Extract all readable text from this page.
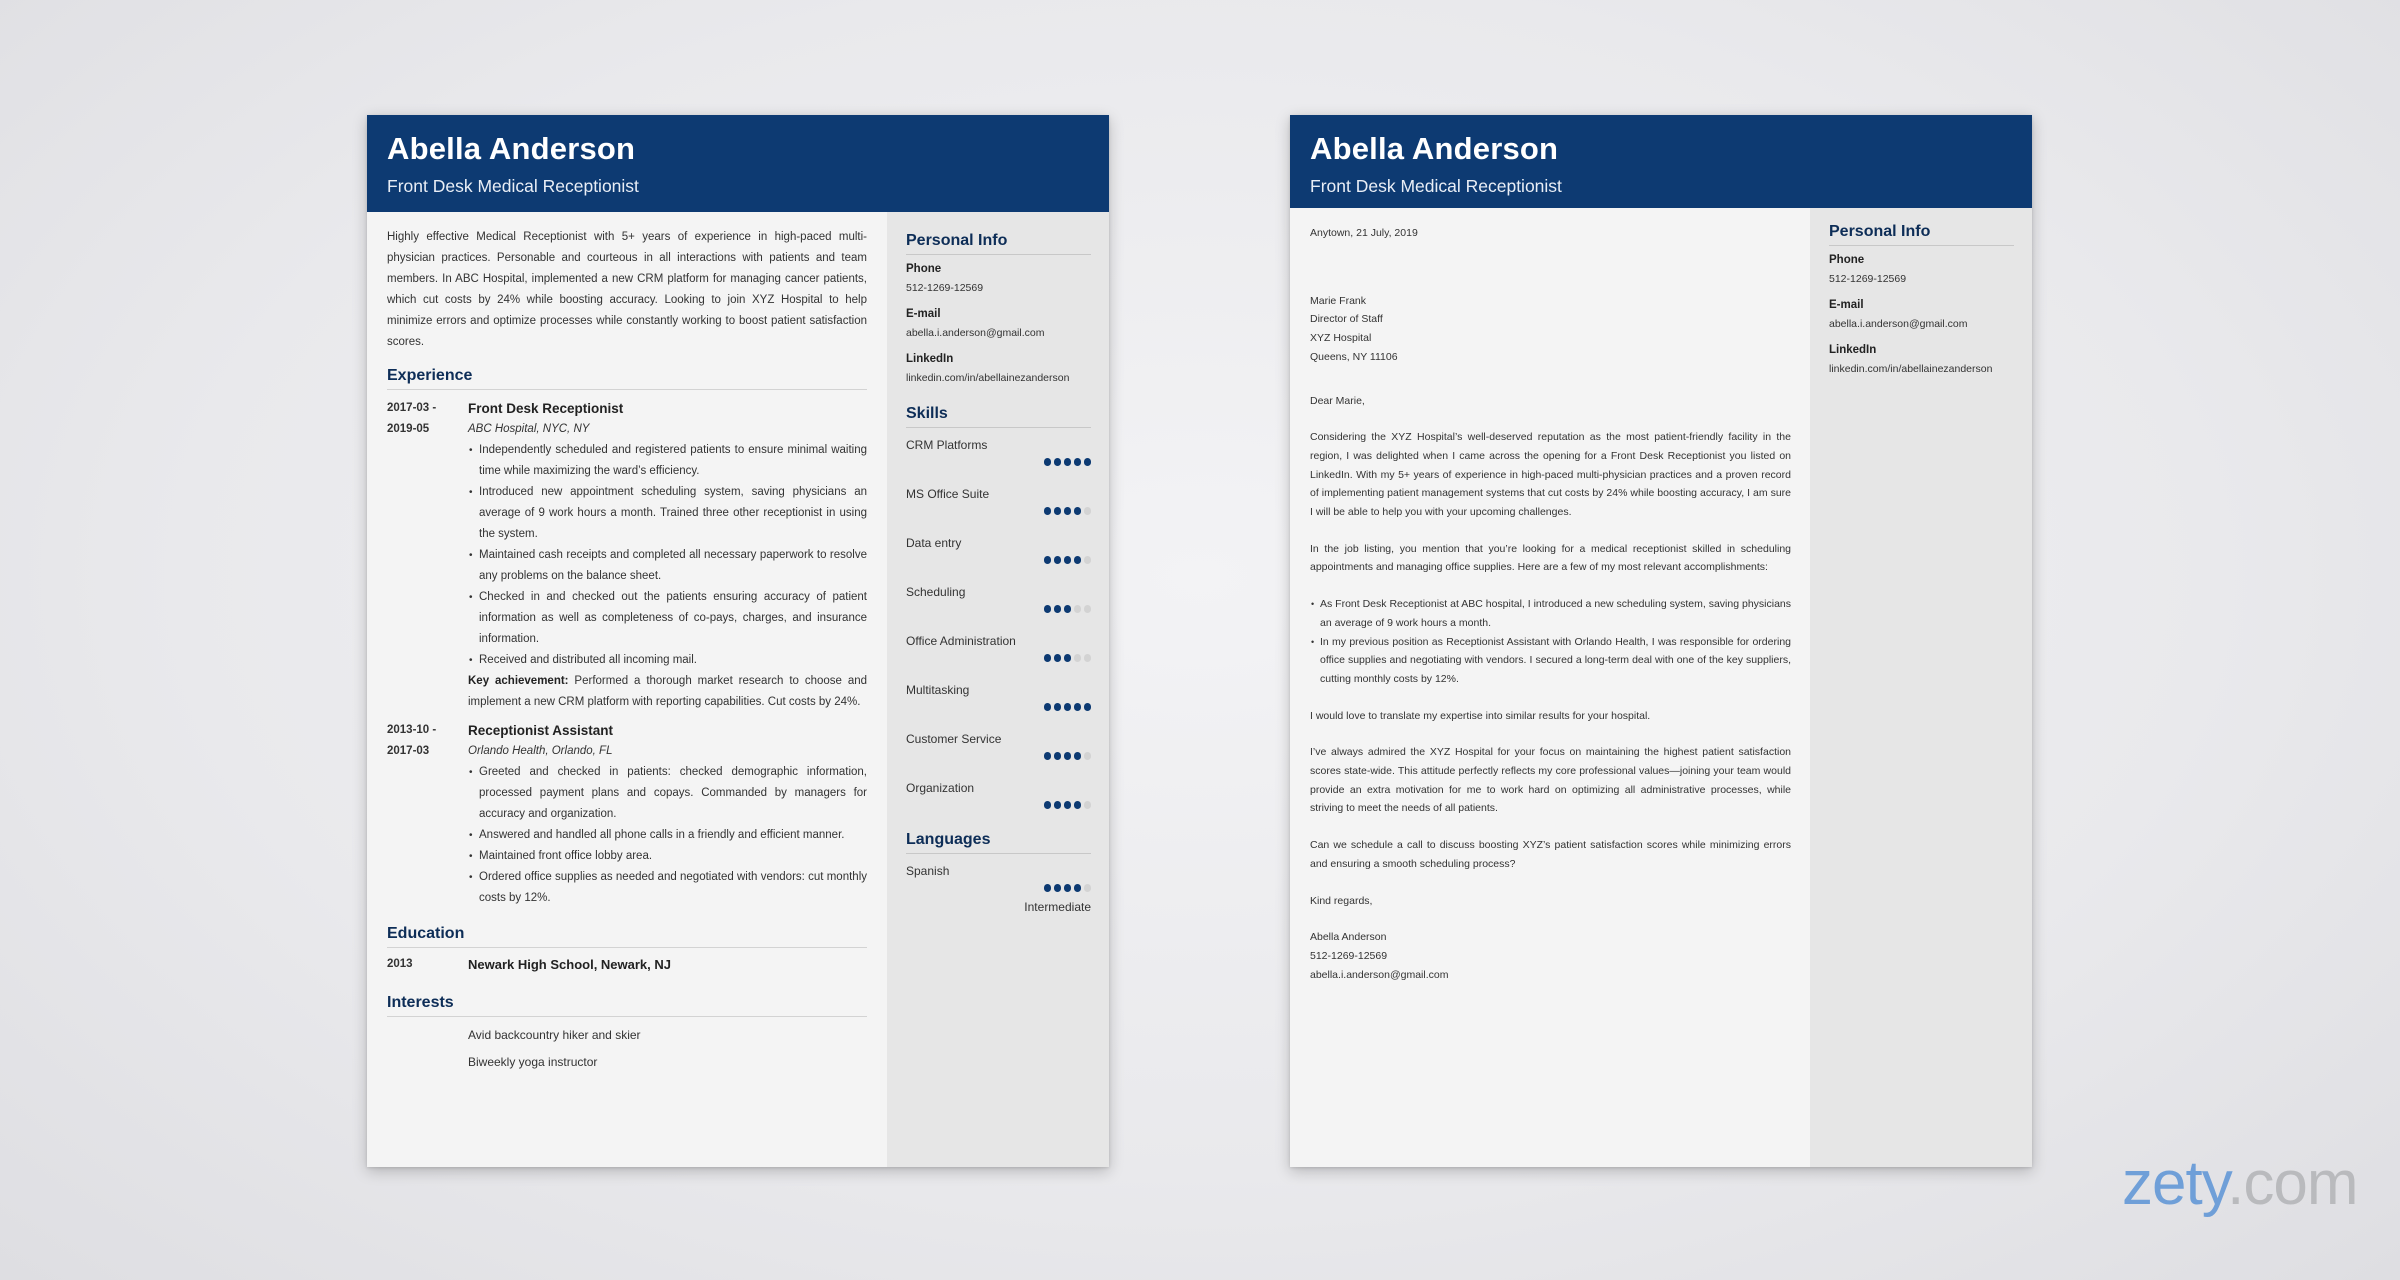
Abella Anderson
Front Desk Medical Receptionist

Highly effective Medical Receptionist with 5+ years of experience in high-paced multi-physician practices. Personable and courteous in all interactions with patients and team members. In ABC Hospital, implemented a new CRM platform for managing cancer patients, which cut costs by 24% while boosting accuracy. Looking to join XYZ Hospital to help minimize errors and optimize processes while constantly working to boost patient satisfaction scores.

Experience
2017-03 -
2019-05
Front Desk Receptionist
ABC Hospital, NYC, NY
• Independently scheduled and registered patients to ensure minimal waiting time while maximizing the ward’s efficiency.
• Introduced new appointment scheduling system, saving physicians an average of 9 work hours a month. Trained three other receptionist in using the system.
• Maintained cash receipts and completed all necessary paperwork to resolve any problems on the balance sheet.
• Checked in and checked out the patients ensuring accuracy of patient information as well as completeness of co-pays, charges, and insurance information.
• Received and distributed all incoming mail.

Key achievement: Performed a thorough market research to choose and implement a new CRM platform with reporting capabilities. Cut costs by 24%.

2013-10 -
2017-03
Receptionist Assistant
Orlando Health, Orlando, FL
• Greeted and checked in patients: checked demographic information, processed payment plans and copays. Commanded by managers for accuracy and organization.
• Answered and handled all phone calls in a friendly and efficient manner.
• Maintained front office lobby area.
• Ordered office supplies as needed and negotiated with vendors: cut monthly costs by 12%.
Education
2013	Newark High School, Newark, NJ
Interests
Avid backcountry hiker and skier
Biweekly yoga instructor
Personal Info
Phone
512-1269-12569
E-mail
abella.i.anderson@gmail.com
LinkedIn
linkedin.com/in/abellainezanderson
Skills
CRM Platforms
MS Office Suite
Data entry
Scheduling
Office Administration
Multitasking
Customer Service
Organization
Languages
Spanish
Intermediate
Abella Anderson
Front Desk Medical Receptionist
Anytown, 21 July, 2019
Marie Frank
Director of Staff
XYZ Hospital
Queens, NY 11106
Dear Marie,

Considering the XYZ Hospital’s well-deserved reputation as the most patient-friendly facility in the region, I was delighted when I came across the opening for a Front Desk Receptionist you listed on LinkedIn. With my 5+ years of experience in high-paced multi-physician practices and a proven record of implementing patient management systems that cut costs by 24% while boosting accuracy, I am sure I will be able to help you with your upcoming challenges.

In the job listing, you mention that you’re looking for a medical receptionist skilled in scheduling appointments and managing office supplies. Here are a few of my most relevant accomplishments:

• As Front Desk Receptionist at ABC hospital, I introduced a new scheduling system, saving physicians an average of 9 work hours a month.
• In my previous position as Receptionist Assistant with Orlando Health, I was responsible for ordering office supplies and negotiating with vendors. I secured a long-term deal with one of the key suppliers, cutting monthly costs by 12%.

I would love to translate my expertise into similar results for your hospital.

I’ve always admired the XYZ Hospital for your focus on maintaining the highest patient satisfaction scores state-wide. This attitude perfectly reflects my core professional values—joining your team would provide an extra motivation for me to work hard on optimizing all administrative processes, while striving to meet the needs of all patients.

Can we schedule a call to discuss boosting XYZ’s patient satisfaction scores while minimizing errors and ensuring a smooth scheduling process?

Kind regards,
Abella Anderson
512-1269-12569
abella.i.anderson@gmail.com
Personal Info
Phone
512-1269-12569
E-mail
abella.i.anderson@gmail.com
LinkedIn
linkedin.com/in/abellainezanderson
zety.com
